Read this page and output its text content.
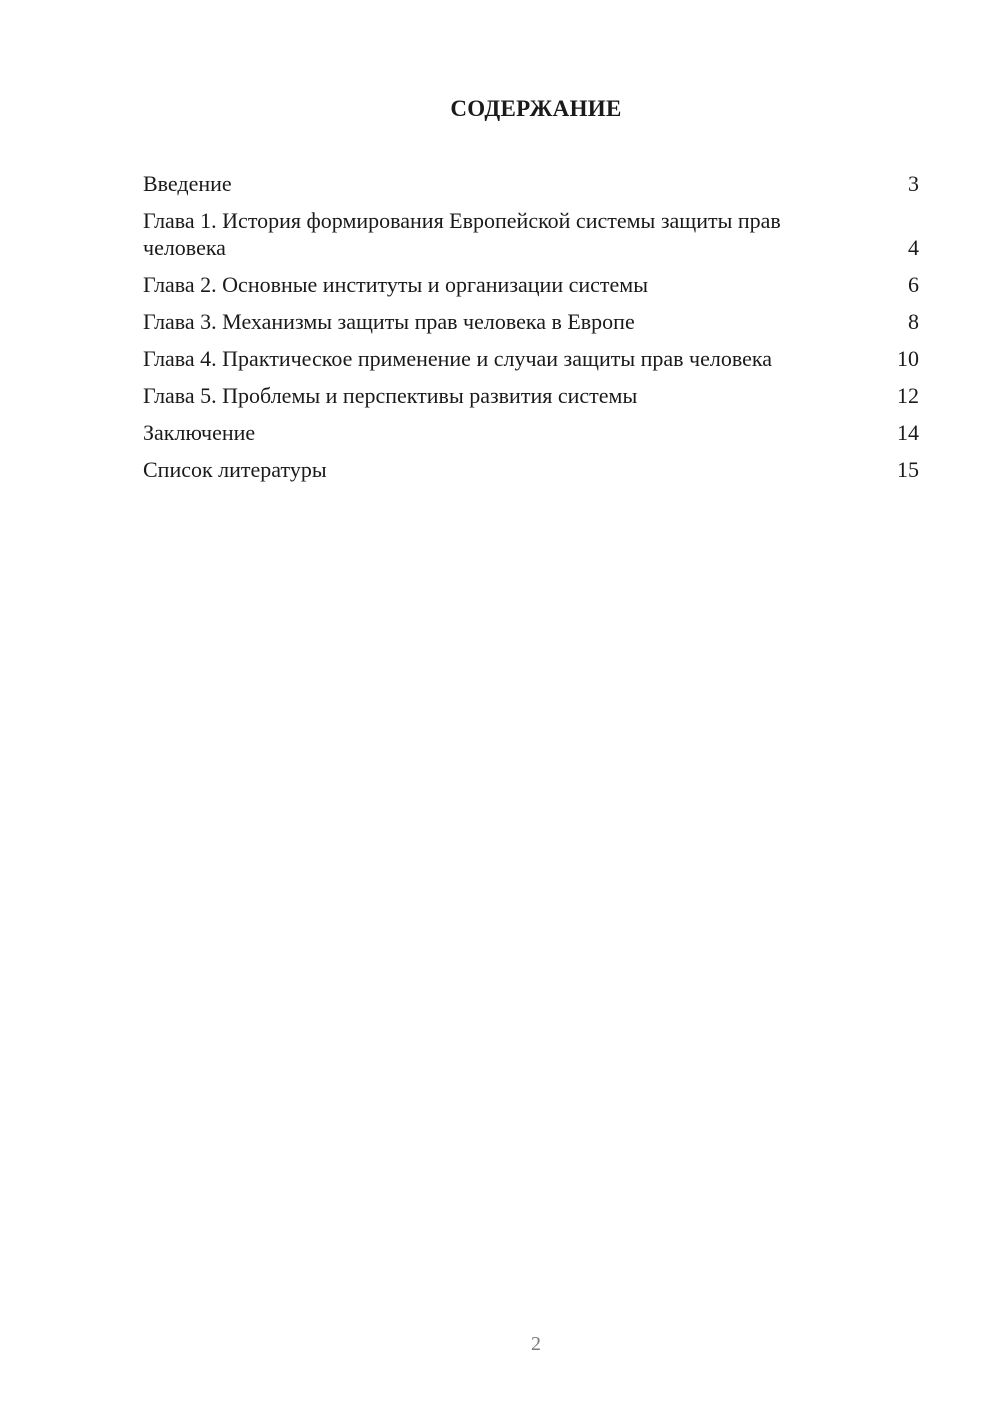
СОДЕРЖАНИЕ
Введение	3
Глава 1. История формирования Европейской системы защиты прав человека	4
Глава 2. Основные институты и организации системы	6
Глава 3. Механизмы защиты прав человека в Европе	8
Глава 4. Практическое применение и случаи защиты прав человека	10
Глава 5. Проблемы и перспективы развития системы	12
Заключение	14
Список литературы	15
2
